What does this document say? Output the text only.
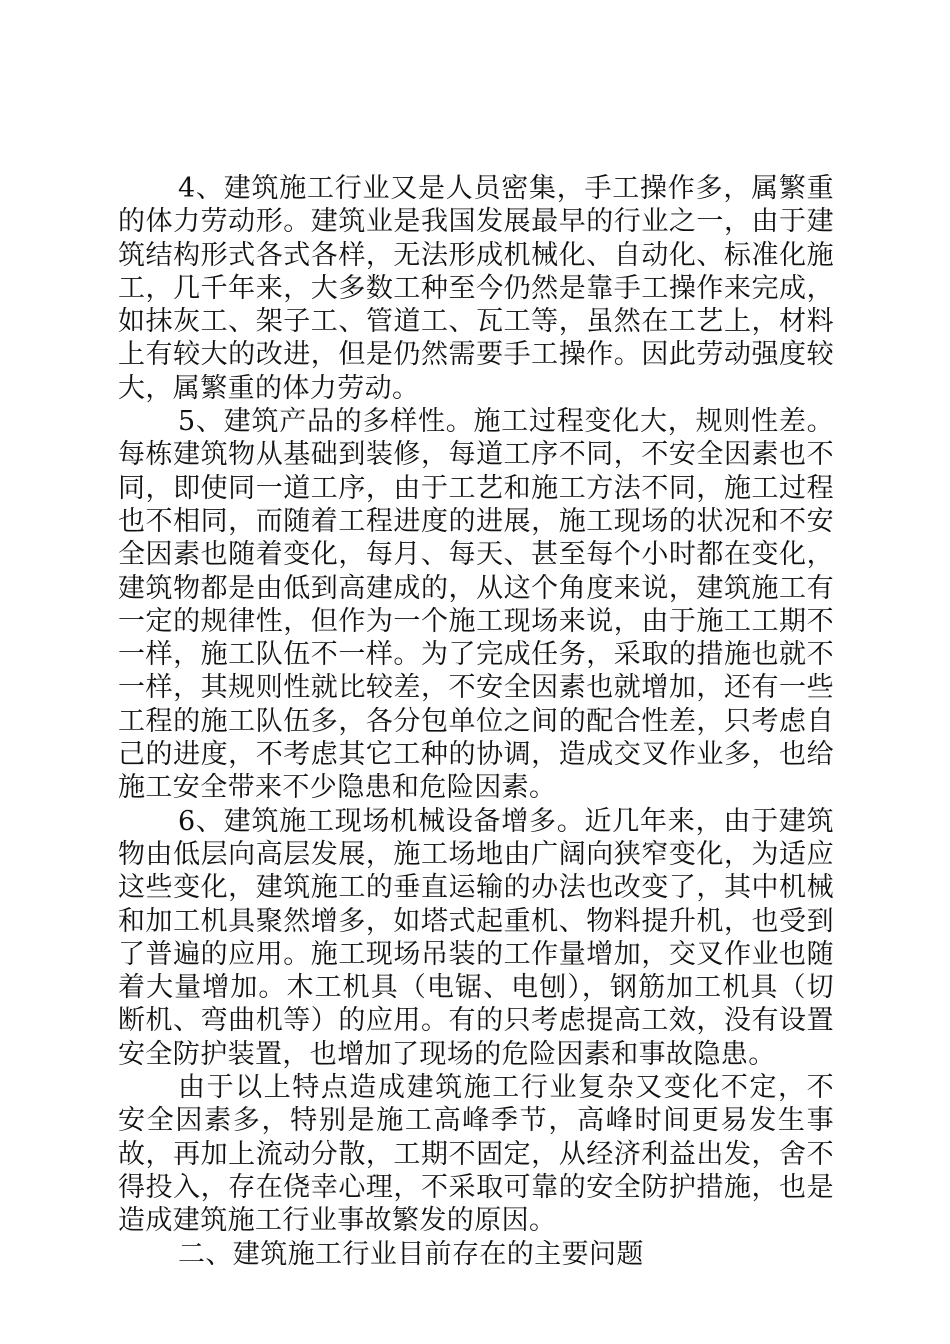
4、建筑施工行业又是人员密集，手工操作多，属繁重的体力劳动形。建筑业是我国发展最早的行业之一，由于建筑结构形式各式各样，无法形成机械化、自动化、标准化施工，几千年来，大多数工种至今仍然是靠手工操作来完成，如抹灰工、架子工、管道工、瓦工等，虽然在工艺上，材料上有较大的改进，但是仍然需要手工操作。因此劳动强度较大，属繁重的体力劳动。

5、建筑产品的多样性。施工过程变化大，规则性差。每栋建筑物从基础到装修，每道工序不同，不安全因素也不同，即使同一道工序，由于工艺和施工方法不同，施工过程也不相同，而随着工程进度的进展，施工现场的状况和不安全因素也随着变化，每月、每天、甚至每个小时都在变化，建筑物都是由低到高建成的，从这个角度来说，建筑施工有一定的规律性，但作为一个施工现场来说，由于施工工期不一样，施工队伍不一样。为了完成任务，采取的措施也就不一样，其规则性就比较差，不安全因素也就增加，还有一些工程的施工队伍多，各分包单位之间的配合性差，只考虑自己的进度，不考虑其它工种的协调，造成交叉作业多，也给施工安全带来不少隐患和危险因素。

6、建筑施工现场机械设备增多。近几年来，由于建筑物由低层向高层发展，施工场地由广阔向狭窄变化，为适应这些变化，建筑施工的垂直运输的办法也改变了，其中机械和加工机具聚然增多，如塔式起重机、物料提升机，也受到了普遍的应用。施工现场吊装的工作量增加，交叉作业也随着大量增加。木工机具（电锯、电刨），钢筋加工机具（切断机、弯曲机等）的应用。有的只考虑提高工效，没有设置安全防护装置，也增加了现场的危险因素和事故隐患。

由于以上特点造成建筑施工行业复杂又变化不定，不安全因素多，特别是施工高峰季节，高峰时间更易发生事故，再加上流动分散，工期不固定，从经济利益出发，舍不得投入，存在侥幸心理，不采取可靠的安全防护措施，也是造成建筑施工行业事故繁发的原因。

二、建筑施工行业目前存在的主要问题
